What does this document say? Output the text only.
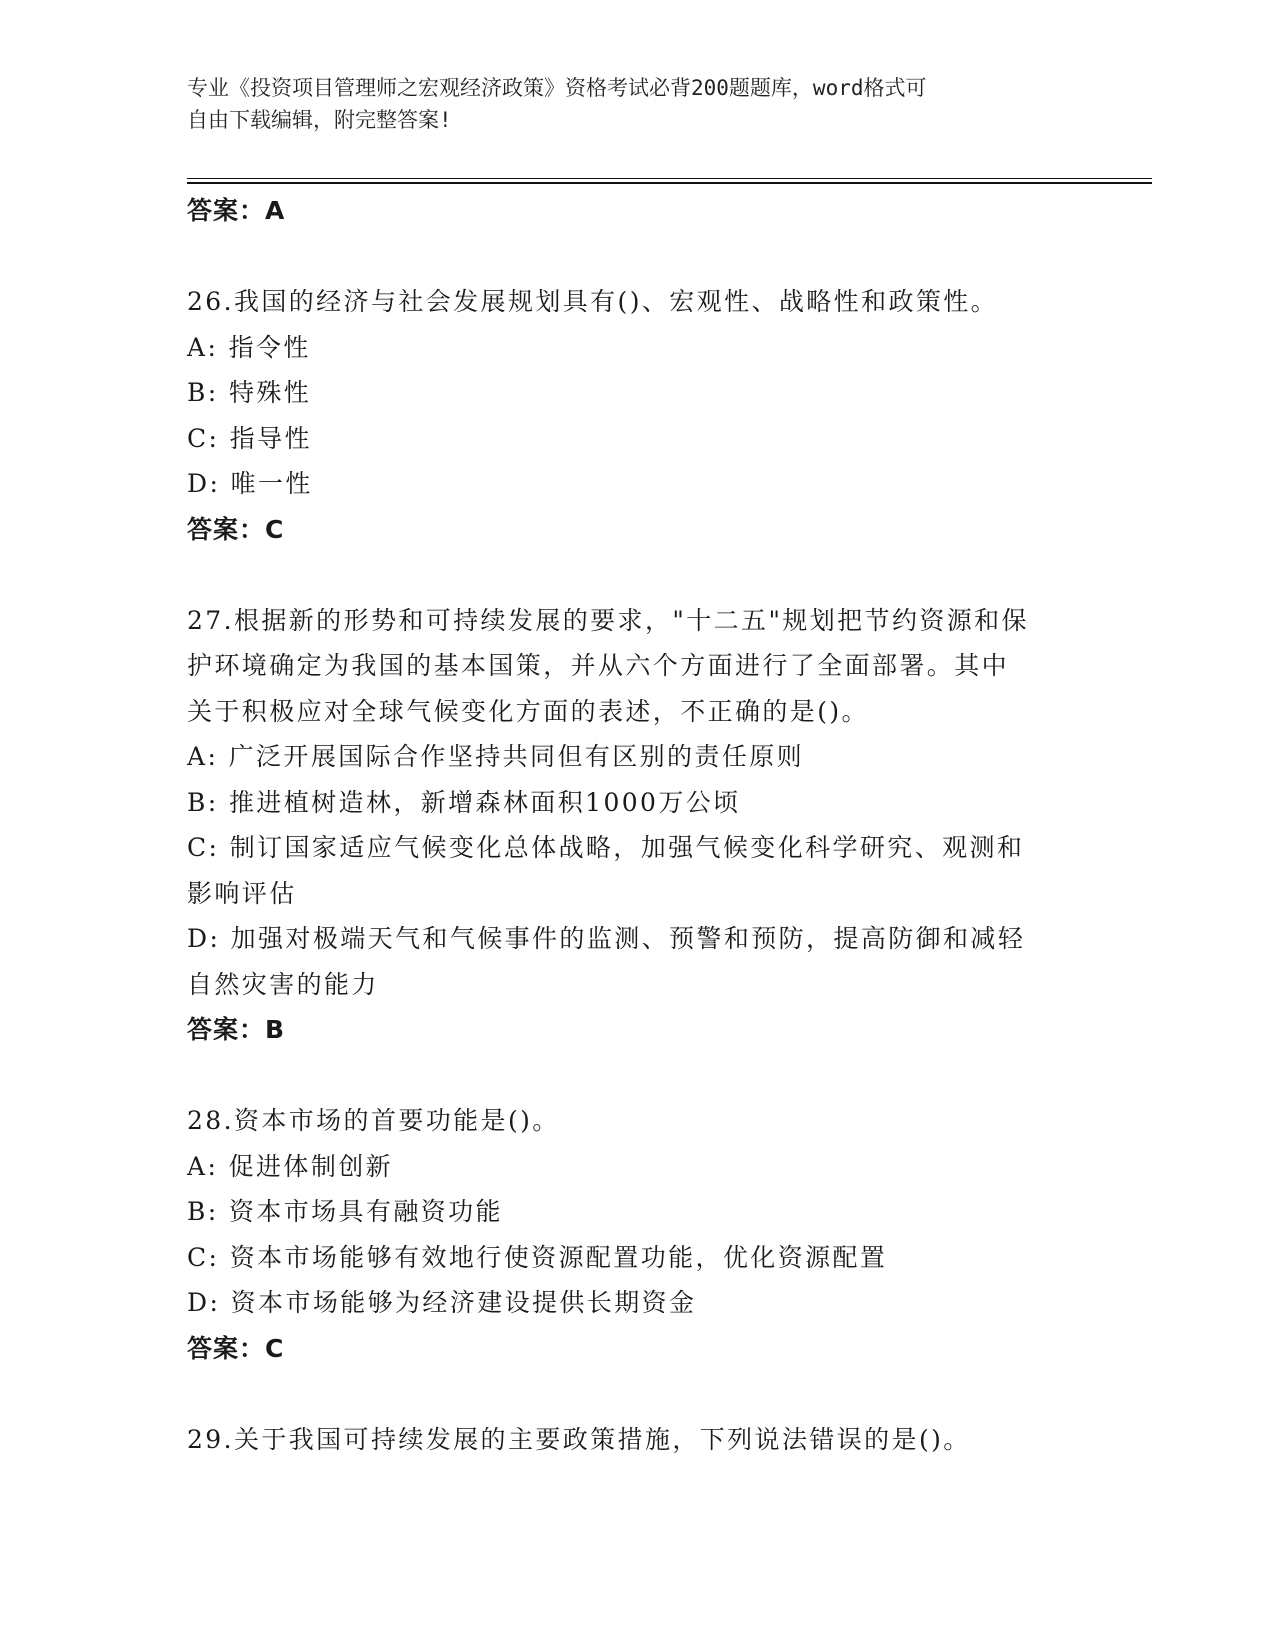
专业《投资项目管理师之宏观经济政策》资格考试必背200题题库，word格式可
自由下载编辑，附完整答案!
答案：A
26.我国的经济与社会发展规划具有()、宏观性、战略性和政策性。
A: 指令性
B: 特殊性
C: 指导性
D: 唯一性
答案：C
27.根据新的形势和可持续发展的要求，"十二五"规划把节约资源和保
护环境确定为我国的基本国策，并从六个方面进行了全面部署。其中
关于积极应对全球气候变化方面的表述，不正确的是()。
A: 广泛开展国际合作坚持共同但有区别的责任原则
B: 推进植树造林，新增森林面积1000万公顷
C: 制订国家适应气候变化总体战略，加强气候变化科学研究、观测和
影响评估
D: 加强对极端天气和气候事件的监测、预警和预防，提高防御和减轻
自然灾害的能力
答案：B
28.资本市场的首要功能是()。
A: 促进体制创新
B: 资本市场具有融资功能
C: 资本市场能够有效地行使资源配置功能，优化资源配置
D: 资本市场能够为经济建设提供长期资金
答案：C
29.关于我国可持续发展的主要政策措施，下列说法错误的是()。
